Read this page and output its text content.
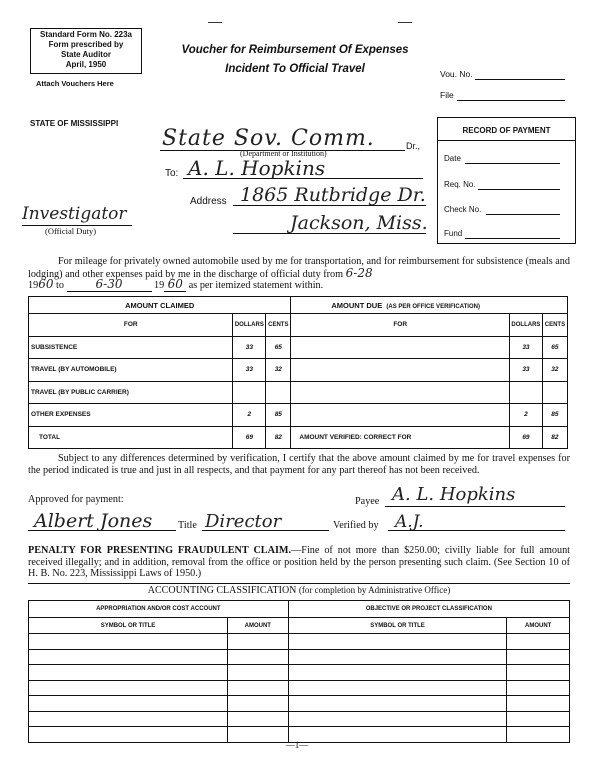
Standard Form No. 223a
Form prescribed by
State Auditor
April, 1950
Attach Vouchers Here
Voucher for Reimbursement Of Expenses
Incident To Official Travel	Vou. No.
File
RECORD OF PAYMENT
Date
Req. No.
Check No.
Fund
STATE OF MISSISSIPPI
State Sov. Comm.	Dr.,
(Department or Institution)
To: A. L. Hopkins
Address 1865 Rutbridge Dr.
Jackson, Miss.
Investigator
(Official Duty)
For mileage for privately owned automobile used by me for transportation, and for reimbursement for subsistence (meals and lodging) and other expenses paid by me in the discharge of official duty from 6-28
1960 to	6-30	19 60 as per itemized statement within.
AMOUNT CLAIMED			AMOUNT DUE (AS PER OFFICE VERIFICATION)		
FOR	DOLLARS	CENTS	FOR	DOLLARS	CENTS
SUBSISTENCE	33	65		33	65
TRAVEL (BY AUTOMOBILE)	33	32		33	32
TRAVEL (BY PUBLIC CARRIER)					
OTHER EXPENSES	2	85		2	85
TOTAL	69	82	AMOUNT VERIFIED: CORRECT FOR	69	82
Subject to any differences determined by verification, I certify that the above amount claimed by me for travel expenses for the period indicated is true and just in all respects, and that payment for any part thereof has not been received.
Approved for payment:	Payee A. L. Hopkins
Albert Jones	Title Director	Verified by A.J.
PENALTY FOR PRESENTING FRAUDULENT CLAIM.—Fine of not more than $250.00; civilly liable for full amount received illegally; and in addition, removal from the office or position held by the person presenting such claim. (See Section 10 of H. B. No. 223, Mississippi Laws of 1950.)
ACCOUNTING CLASSIFICATION (for completion by Administrative Office)
APPROPRIATION AND/OR COST ACCOUNT		OBJECTIVE OR PROJECT CLASSIFICATION	
SYMBOL OR TITLE	AMOUNT	SYMBOL OR TITLE	AMOUNT

—1—
